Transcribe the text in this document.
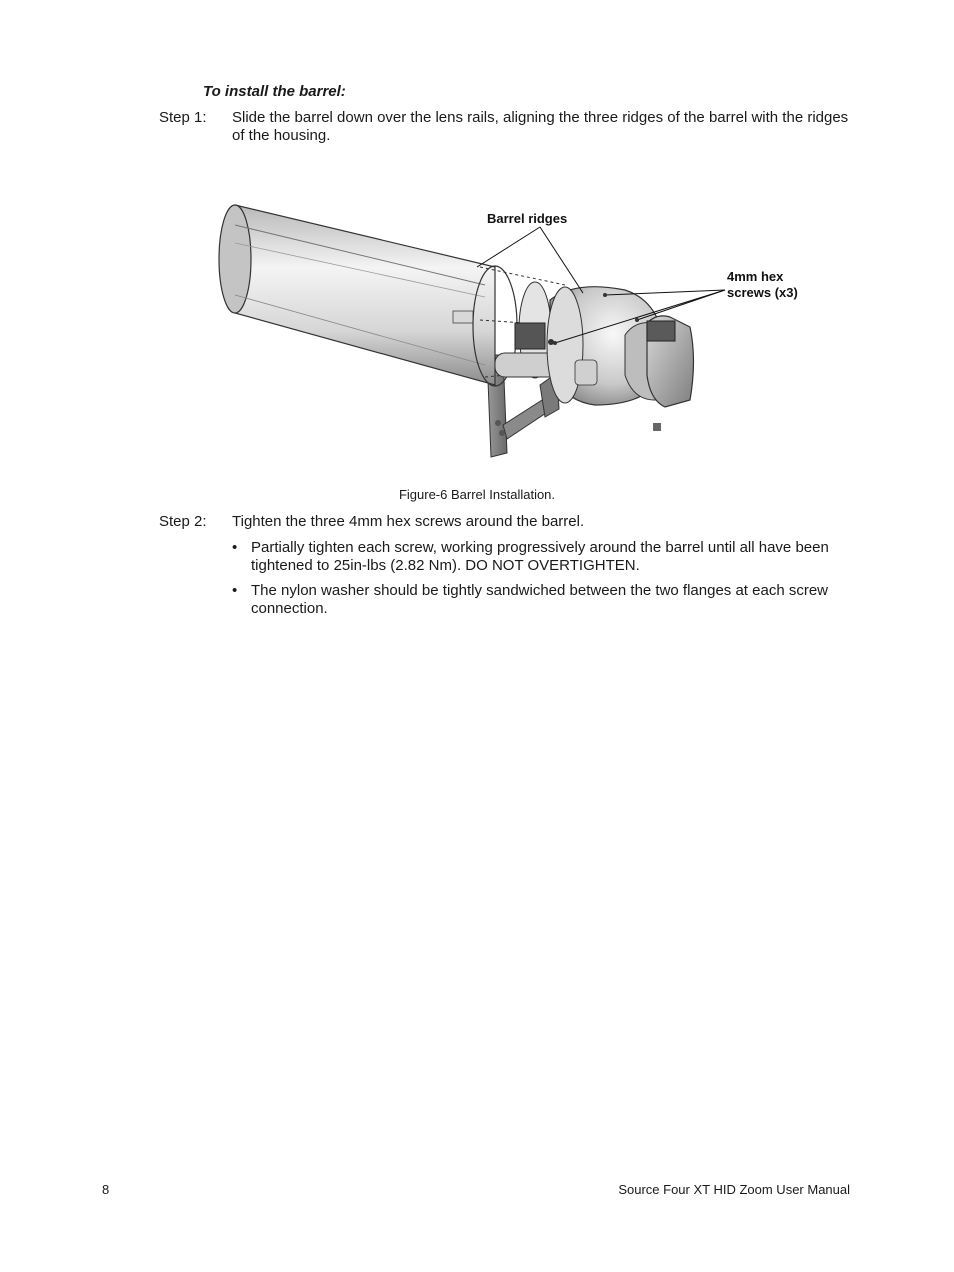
To install the barrel:
Step 1:	Slide the barrel down over the lens rails, aligning the three ridges of the barrel with the ridges of the housing.
Barrel ridges
4mm hex
screws (x3)
Figure-6 Barrel Installation.
Step 2:	Tighten the three 4mm hex screws around the barrel.
• Partially tighten each screw, working progressively around the barrel until all have been tightened to 25in-lbs (2.82 Nm). DO NOT OVERTIGHTEN.
• The nylon washer should be tightly sandwiched between the two flanges at each screw connection.
8	Source Four XT HID Zoom User Manual
